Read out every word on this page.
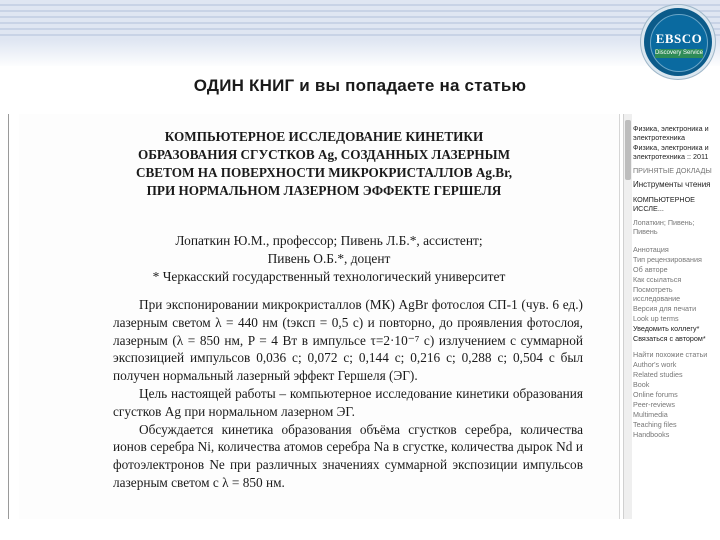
EBSCO
Discovery Service
ОДИН КНИГ и вы попадаете на статью
КОМПЬЮТЕРНОЕ ИССЛЕДОВАНИЕ КИНЕТИКИ
ОБРАЗОВАНИЯ СГУСТКОВ Ag, СОЗДАННЫХ ЛАЗЕРНЫМ
СВЕТОМ НА ПОВЕРХНОСТИ МИКРОКРИСТАЛЛОВ Ag.Br,
ПРИ НОРМАЛЬНОМ ЛАЗЕРНОМ ЭФФЕКТЕ ГЕРШЕЛЯ
Лопаткин Ю.М., профессор; Пивень Л.Б.*, ассистент;
Пивень О.Б.*, доцент
* Черкасский государственный технологический университет

При экспонировании микрокристаллов (МК) AgBr фотослоя СП-1 (чув. 6 ед.) лазерным светом λ = 440 нм (tэксп = 0,5 с) и повторно, до проявления фотослоя, лазерным (λ = 850 нм, P = 4 Вт в импульсе τ=2·10⁻⁷ с) излучением с суммарной экспозицией импульсов 0,036 с; 0,072 с; 0,144 с; 0,216 с; 0,288 с; 0,504 с был получен нормальный лазерный эффект Гершеля (ЭГ).

Цель настоящей работы – компьютерное исследование кинетики образования сгустков Ag при нормальном лазерном ЭГ.

Обсуждается кинетика образования объёма сгустков серебра, количества ионов серебра Ni, количества атомов серебра Na в сгустке, количества дырок Nd и фотоэлектронов Ne при различных значениях суммарной экспозиции импульсов лазерным светом с λ = 850 нм.

Физика, электроника и электротехника
Физика, электроника и электротехника :: 2011
ПРИНЯТЫЕ ДОКЛАДЫ
Инструменты чтения
КОМПЬЮТЕРНОЕ ИССЛЕ...
Лопаткин; Пивень; Пивень
Аннотация
Тип рецензирования
Об авторе
Как ссылаться
Посмотреть исследование
Версия для печати
Look up terms
Уведомить коллегу*
Связаться с автором*
Найти похожие статьи
Author's work
Related studies
Book
Online forums
Peer-reviews
Multimedia
Teaching files
Handbooks
